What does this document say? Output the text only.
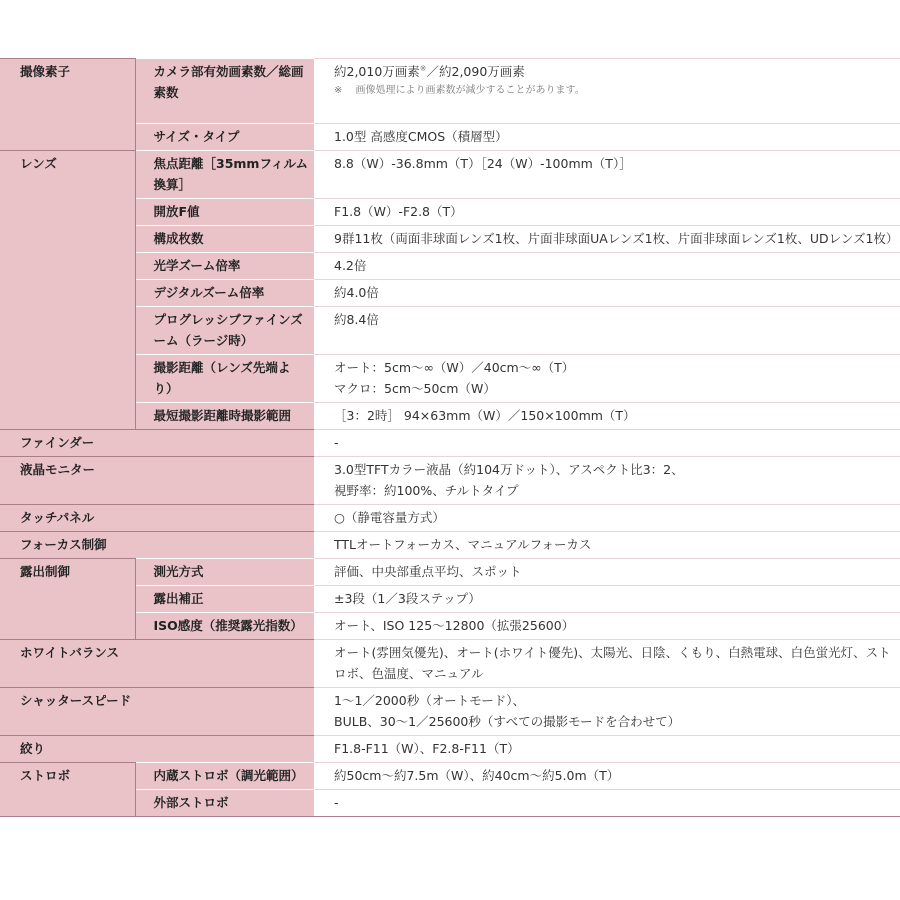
撮像素子	カメラ部有効画素数／総画素数	約2,010万画素※／約2,090万画素
※　 画像処理により画素数が減少することがあります。

	サイズ・タイプ	1.0型 高感度CMOS（積層型）
レンズ	焦点距離［35mmフィルム換算］	8.8（W）-36.8mm（T）［24（W）-100mm（T）］
	開放F値	F1.8（W）-F2.8（T）
	構成枚数	9群11枚（両面非球面レンズ1枚、片面非球面UAレンズ1枚、片面非球面レンズ1枚、UDレンズ1枚）
	光学ズーム倍率	4.2倍
	デジタルズーム倍率	約4.0倍
	プログレッシブファインズーム（ラージ時）	約8.4倍
	撮影距離（レンズ先端より）	オート：5cm〜∞（W）／40cm〜∞（T）
マクロ：5cm〜50cm（W）

	最短撮影距離時撮影範囲	［3：2時］ 94×63mm（W）／150×100mm（T）
ファインダー		-
液晶モニター		3.0型TFTカラー液晶（約104万ドット）、アスペクト比3：2、
視野率：約100%、チルトタイプ

タッチパネル		○（静電容量方式）
フォーカス制御		TTLオートフォーカス、マニュアルフォーカス
露出制御	測光方式	評価、中央部重点平均、スポット
	露出補正	±3段（1／3段ステップ）
	ISO感度（推奨露光指数）	オート、ISO 125〜12800（拡張25600）
ホワイトバランス		オート(雰囲気優先)、オート(ホワイト優先)、太陽光、日陰、くもり、白熱電球、白色蛍光灯、ストロボ、色温度、マニュアル
シャッタースピード		1〜1／2000秒（オートモード）、
BULB、30〜1／25600秒（すべての撮影モードを合わせて）

絞り		F1.8-F11（W）、F2.8-F11（T）
ストロボ	内蔵ストロボ（調光範囲）	約50cm〜約7.5m（W）、約40cm〜約5.0m（T）
	外部ストロボ	-
